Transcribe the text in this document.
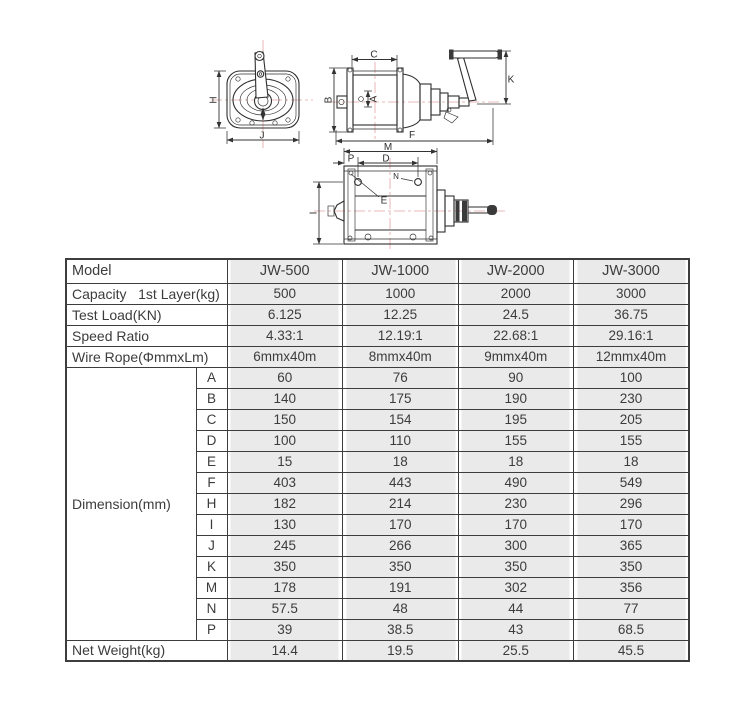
H
J
A
C
B
K
F
E
N
M
P	D
I
Model		JW-500	JW-1000	JW-2000	JW-3000
Capacity   1st Layer(kg)		500	1000	2000	3000
Test Load(KN)		6.125	12.25	24.5	36.75
Speed Ratio		4.33:1	12.19:1	22.68:1	29.16:1
Wire Rope(ΦmmxLm)		6mmx40m	8mmx40m	9mmx40m	12mmx40m
Dimension(mm)	A	60	76	90	100
	B	140	175	190	230
	C	150	154	195	205
	D	100	110	155	155
	E	15	18	18	18
	F	403	443	490	549
	H	182	214	230	296
	I	130	170	170	170
	J	245	266	300	365
	K	350	350	350	350
	M	178	191	302	356
	N	57.5	48	44	77
	P	39	38.5	43	68.5
Net Weight(kg)		14.4	19.5	25.5	45.5
